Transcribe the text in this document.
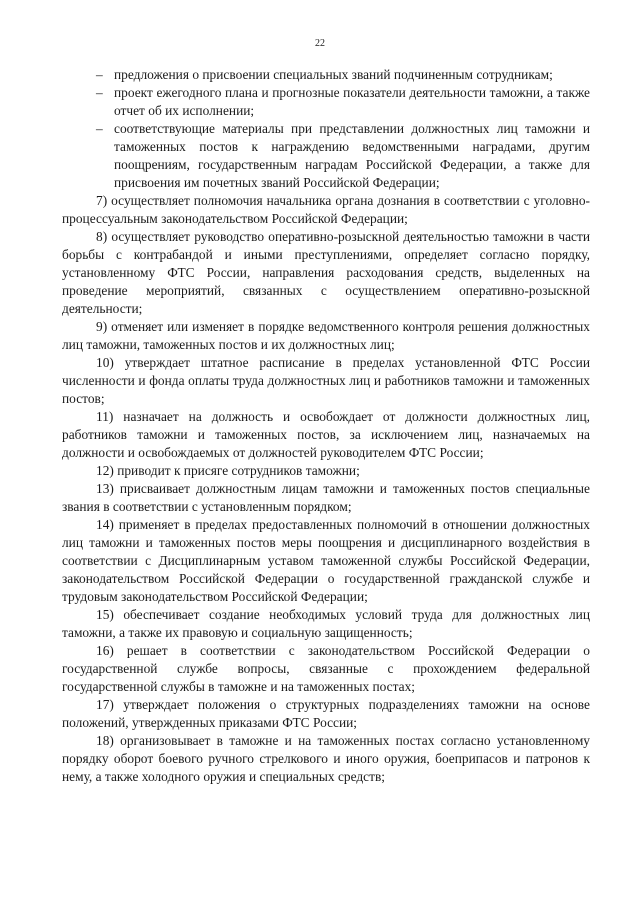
22

– предложения о присвоении специальных званий подчиненным сотрудникам;

– проект ежегодного плана и прогнозные показатели деятельности таможни, а также отчет об их исполнении;

– соответствующие материалы при представлении должностных лиц таможни и таможенных постов к награждению ведомственными наградами, другим поощрениям, государственным наградам Российской Федерации, а также для присвоения им почетных званий Российской Федерации;

7) осуществляет полномочия начальника органа дознания в соответствии с уголовно-процессуальным законодательством Российской Федерации;

8) осуществляет руководство оперативно-розыскной деятельностью таможни в части борьбы с контрабандой и иными преступлениями, определяет согласно порядку, установленному ФТС России, направления расходования средств, выделенных на проведение мероприятий, связанных с осуществлением оперативно-розыскной деятельности;

9) отменяет или изменяет в порядке ведомственного контроля решения должностных лиц таможни, таможенных постов и их должностных лиц;

10) утверждает штатное расписание в пределах установленной ФТС России численности и фонда оплаты труда должностных лиц и работников таможни и таможенных постов;

11) назначает на должность и освобождает от должности должностных лиц, работников таможни и таможенных постов, за исключением лиц, назначаемых на должности и освобождаемых от должностей руководителем ФТС России;

12) приводит к присяге сотрудников таможни;

13) присваивает должностным лицам таможни и таможенных постов специальные звания в соответствии с установленным порядком;

14) применяет в пределах предоставленных полномочий в отношении должностных лиц таможни и таможенных постов меры поощрения и дисциплинарного воздействия в соответствии с Дисциплинарным уставом таможенной службы Российской Федерации, законодательством Российской Федерации о государственной гражданской службе и трудовым законодательством Российской Федерации;

15) обеспечивает создание необходимых условий труда для должностных лиц таможни, а также их правовую и социальную защищенность;

16) решает в соответствии с законодательством Российской Федерации о государственной службе вопросы, связанные с прохождением федеральной государственной службы в таможне и на таможенных постах;

17) утверждает положения о структурных подразделениях таможни на основе положений, утвержденных приказами ФТС России;

18) организовывает в таможне и на таможенных постах согласно установленному порядку оборот боевого ручного стрелкового и иного оружия, боеприпасов и патронов к нему, а также холодного оружия и специальных средств;
